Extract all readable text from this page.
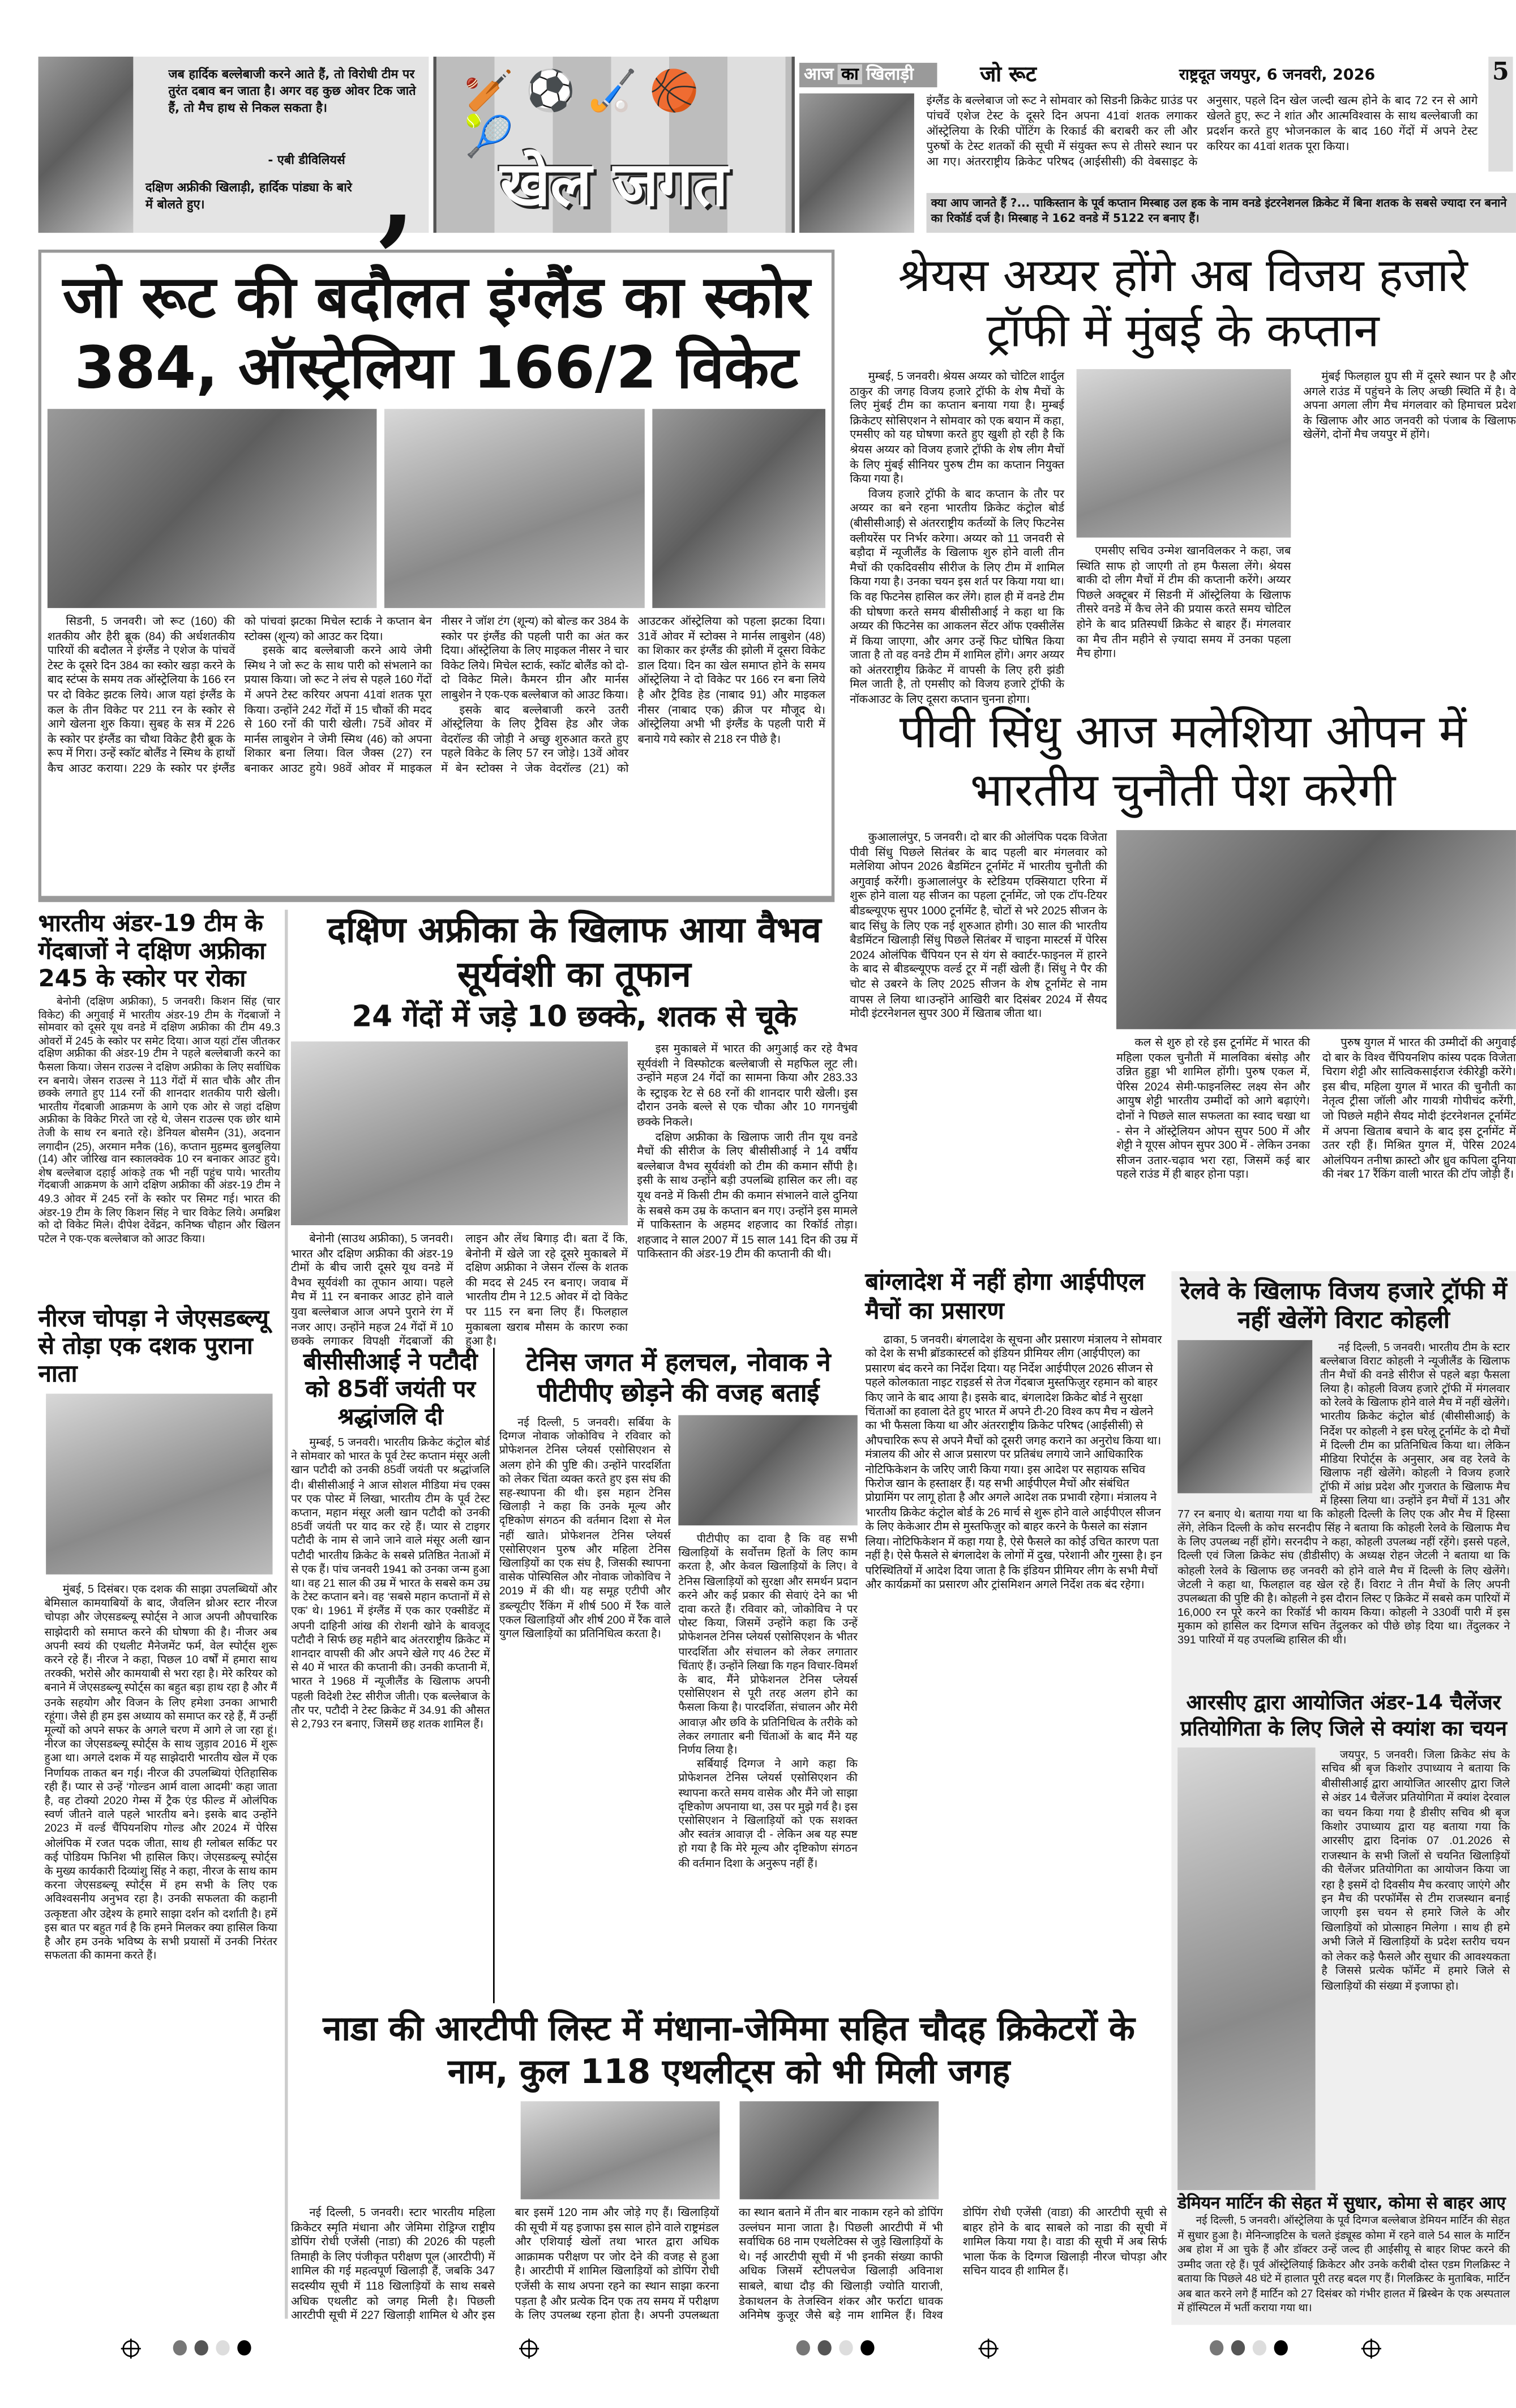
जब हार्दिक बल्लेबाजी करने आते हैं, तो विरोधी टीम पर तुरंत दबाव बन जाता है। अगर वह कुछ ओवर टिक जाते हैं, तो मैच हाथ से निकल सकता है।
- एबी डीविलियर्स
दक्षिण अफ्रीकी खिलाड़ी, हार्दिक पांड्या के बारे में बोलते हुए।	,
🏏⚽🏑🏀🎾
खेल जगत
आज का खिलाड़ी	जो रूट	राष्ट्रदूत जयपुर, 6 जनवरी, 2026	5
इंग्लैंड के बल्लेबाज जो रूट ने सोमवार को सिडनी क्रिकेट ग्राउंड पर पांचवें एशेज टेस्ट के दूसरे दिन अपना 41वां शतक लगाकर ऑस्ट्रेलिया के रिकी पोंटिंग के रिकार्ड की बराबरी कर ली और पुरुषों के टेस्ट शतकों की सूची में संयुक्त रूप से तीसरे स्थान पर आ गए। अंतरराष्ट्रीय क्रिकेट परिषद (आईसीसी) की वेबसाइट के अनुसार, पहले दिन खेल जल्दी खत्म होने के बाद 72 रन से आगे खेलते हुए, रूट ने शांत और आत्मविश्वास के साथ बल्लेबाजी का प्रदर्शन करते हुए भोजनकाल के बाद 160 गेंदों में अपने टेस्ट करियर का 41वां शतक पूरा किया।
क्या आप जानते हैं ?... पाकिस्तान के पूर्व कप्तान मिस्बाह उल हक के नाम वनडे इंटरनेशनल क्रिकेट में बिना शतक के सबसे ज्यादा रन बनाने का रिकॉर्ड दर्ज है। मिस्बाह ने 162 वनडे में 5122 रन बनाए हैं।
जो रूट की बदौलत इंग्लैंड का स्कोर 384, ऑस्ट्रेलिया 166/2 विकेट

सिडनी, 5 जनवरी। जो रूट (160) की शतकीय और हैरी ब्रूक (84) की अर्धशतकीय पारियों की बदौलत ने इंग्लैंड ने एशेज के पांचवें टेस्ट के दूसरे दिन 384 का स्कोर खड़ा करने के बाद स्टंप्स के समय तक ऑस्ट्रेलिया के 166 रन पर दो विकेट झटक लिये। आज यहां इंग्लैंड के कल के तीन विकेट पर 211 रन के स्कोर से आगे खेलना शुरु किया। सुबह के सत्र में 226 के स्कोर पर इंग्लैंड का चौथा विकेट हैरी ब्रूक के रूप में गिरा। उन्हें स्कॉट बोलैंड ने स्मिथ के हाथों कैच आउट कराया। 229 के स्कोर पर इंग्लैंड को पांचवां झटका मिचेल स्टार्क ने कप्तान बेन स्टोक्स (शून्य) को आउट कर दिया।

इसके बाद बल्लेबाजी करने आये जेमी स्मिथ ने जो रूट के साथ पारी को संभलाने का प्रयास किया। जो रूट ने लंच से पहले 160 गेंदों में अपने टेस्ट करियर अपना 41वां शतक पूरा किया। उन्होंने 242 गेंदों में 15 चौकों की मदद से 160 रनों की पारी खेली। 75वें ओवर में मार्नस लाबुशेन ने जेमी स्मिथ (46) को अपना शिकार बना लिया। विल जैक्स (27) रन बनाकर आउट हुये। 98वें ओवर में माइकल नीसर ने जॉश टंग (शून्य) को बोल्ड कर 384 के स्कोर पर इंग्लैंड की पहली पारी का अंत कर दिया। ऑस्ट्रेलिया के लिए माइकल नीसर ने चार विकेट लिये। मिचेल स्टार्क, स्कॉट बोलैंड को दो-दो विकेट मिले। कैमरन ग्रीन और मार्नस लाबुशेन ने एक-एक बल्लेबाज को आउट किया।

इसके बाद बल्लेबाजी करने उतरी ऑस्ट्रेलिया के लिए ट्रैविस हेड और जेक वेदरॉल्ड की जोड़ी ने अच्छु शुरुआत करते हुए पहले विकेट के लिए 57 रन जोड़े। 13वें ओवर में बेन स्टोक्स ने जेक वेदरॉल्ड (21) को आउटकर ऑस्ट्रेलिया को पहला झटका दिया। 31वें ओवर में स्टोक्स ने मार्नस लाबुशेन (48) का शिकार कर इंग्लैंड की झोली में दूसरा विकेट डाल दिया। दिन का खेल समाप्त होने के समय ऑस्ट्रेलिया ने दो विकेट पर 166 रन बना लिये है और ट्रैविड हेड (नाबाद 91) और माइकल नीसर (नाबाद एक) क्रीज पर मौजूद थे। ऑस्ट्रेलिया अभी भी इंग्लैंड के पहली पारी में बनाये गये स्कोर से 218 रन पीछे है।

श्रेयस अय्यर होंगे अब विजय हजारे ट्रॉफी में मुंबई के कप्तान

मुम्बई, 5 जनवरी। श्रेयस अय्यर को चोटिल शार्दुल ठाकुर की जगह विजय हजारे ट्रॉफी के शेष मैचों के लिए मुंबई टीम का कप्तान बनाया गया है। मुम्बई क्रिकेटए सोसिएशन ने सोमवार को एक बयान में कहा, एमसीए को यह घोषणा करते हुए खुशी हो रही है कि श्रेयस अय्यर को विजय हजारे ट्रॉफी के शेष लीग मैचों के लिए मुंबई सीनियर पुरुष टीम का कप्तान नियुक्त किया गया है।

विजय हजारे ट्रॉफी के बाद कप्तान के तौर पर अय्यर का बने रहना भारतीय क्रिकेट कंट्रोल बोर्ड (बीसीसीआई) से अंतरराष्ट्रीय कर्तव्यों के लिए फिटनेस क्लीयरेंस पर निर्भर करेगा। अय्यर को 11 जनवरी से बड़ौदा में न्यूजीलैंड के खिलाफ शुरु होने वाली तीन मैचों की एकदिवसीय सीरीज के लिए टीम में शामिल किया गया है। उनका चयन इस शर्त पर किया गया था। कि वह फिटनेस हासिल कर लेंगे। हाल ही में वनडे टीम की घोषणा करते समय बीसीसीआई ने कहा था कि अय्यर की फिटनेस का आकलन सेंटर ऑफ एक्सीलेंस में किया जाएगा, और अगर उन्हें फिट घोषित किया जाता है तो वह वनडे टीम में शामिल होंगे। अगर अय्यर को अंतरराष्ट्रीय क्रिकेट में वापसी के लिए हरी झंडी मिल जाती है, तो एमसीए को विजय हजारे ट्रॉफी के नॉकआउट के लिए दूसरा कप्तान चुनना होगा।

एमसीए सचिव उन्मेश खानविलकर ने कहा, जब स्थिति साफ हो जाएगी तो हम फैसला लेंगे। श्रेयस बाकी दो लीग मैचों में टीम की कप्तानी करेंगे। अय्यर पिछले अक्टूबर में सिडनी में ऑस्ट्रेलिया के खिलाफ तीसरे वनडे में कैच लेने की प्रयास करते समय चोटिल होने के बाद प्रतिस्पर्धी क्रिकेट से बाहर हैं। मंगलवार का मैच तीन महीने से ज़्यादा समय में उनका पहला मैच होगा।

मुंबई फिलहाल ग्रुप सी में दूसरे स्थान पर है और अगले राउंड में पहुंचने के लिए अच्छी स्थिति में है। वे अपना अगला लीग मैच मंगलवार को हिमाचल प्रदेश के खिलाफ और आठ जनवरी को पंजाब के खिलाफ खेलेंगे, दोनों मैच जयपुर में होंगे।

पीवी सिंधु आज मलेशिया ओपन में भारतीय चुनौती पेश करेगी

कुआलालंपुर, 5 जनवरी। दो बार की ओलंपिक पदक विजेता पीवी सिंधु पिछले सितंबर के बाद पहली बार मंगलवार को मलेशिया ओपन 2026 बैडमिंटन टूर्नामेंट में भारतीय चुनौती की अगुवाई करेंगी। कुआलालंपुर के स्टेडियम एक्सियाटा एरिना में शुरू होने वाला यह सीजन का पहला टूर्नामेंट, जो एक टॉप-टियर बीडब्ल्यूएफ सुपर 1000 टूर्नामेंट है, चोटों से भरे 2025 सीजन के बाद सिंधु के लिए एक नई शुरुआत होगी। 30 साल की भारतीय बैडमिंटन खिलाड़ी सिंधु पिछले सितंबर में चाइना मास्टर्स में पेरिस 2024 ओलंपिक चैंपियन एन से यंग से क्वार्टर-फाइनल में हारने के बाद से बीडब्ल्यूएफ वर्ल्ड टूर में नहीं खेली हैं। सिंधु ने पैर की चोट से उबरने के लिए 2025 सीजन के शेष टूर्नामेंट से नाम वापस ले लिया था।उन्होंने आखिरी बार दिसंबर 2024 में सैयद मोदी इंटरनेशनल सुपर 300 में खिताब जीता था।

कल से शुरु हो रहे इस टूर्नामेंट में भारत की महिला एकल चुनौती में मालविका बंसोड़ और उन्नित हुड्डा भी शामिल होंगी। पुरुष एकल में, पेरिस 2024 सेमी-फाइनलिस्ट लक्ष्य सेन और आयुष शेट्टी भारतीय उम्मीदों को आगे बढ़ाएंगे। दोनों ने पिछले साल सफलता का स्वाद चखा था - सेन ने ऑस्ट्रेलियन ओपन सुपर 500 में और शेट्टी ने यूएस ओपन सुपर 300 में - लेकिन उनका सीजन उतार-चढ़ाव भरा रहा, जिसमें कई बार पहले राउंड में ही बाहर होना पड़ा।

पुरुष युगल में भारत की उम्मीदों की अगुवाई दो बार के विश्व चैंपियनशिप कांस्य पदक विजेता चिराग शेट्टी और सात्विकसाईराज रंकीरेड्डी करेंगे। इस बीच, महिला युगल में भारत की चुनौती का नेतृत्व ट्रीसा जॉली और गायत्री गोपीचंद करेंगी, जो पिछले महीने सैयद मोदी इंटरनेशनल टूर्नामेंट में अपना खिताब बचाने के बाद इस टूर्नामेंट में उतर रही हैं। मिश्रित युगल में, पेरिस 2024 ओलंपियन तनीषा क्रास्टो और ध्रुव कपिला दुनिया की नंबर 17 रैंकिंग वाली भारत की टॉप जोड़ी हैं।

भारतीय अंडर-19 टीम के गेंदबाजों ने दक्षिण अफ्रीका 245 के स्कोर पर रोका

बेनोनी (दक्षिण अफ्रीका), 5 जनवरी। किशन सिंह (चार विकेट) की अगुवाई में भारतीय अंडर-19 टीम के गेंदबाजों ने सोमवार को दूसरे यूथ वनडे में दक्षिण अफ्रीका की टीम 49.3 ओवरों में 245 के स्कोर पर समेट दिया। आज यहां टॉस जीतकर दक्षिण अफ्रीका की अंडर-19 टीम ने पहले बल्लेबाजी करने का फैसला किया। जेसन राउल्स ने दक्षिण अफ्रीका के लिए सर्वाधिक रन बनाये। जेसन राउल्स ने 113 गेंदों में सात चौके और तीन छक्के लगाते हुए 114 रनों की शानदार शतकीय पारी खेली। भारतीय गेंदबाजी आक्रमण के आगे एक ओर से जहां दक्षिण अफ्रीका के विकेट गिरते जा रहे थे, जेसन राउल्स एक छोर थामे तेजी के साथ रन बनाते रहे। डेनियल बोसमैन (31), अदनान लगादीन (25), अरमान मनैक (16), कप्तान मुहम्मद बुलबुलिया (14) और जोरिख वान स्कालक्वेक 10 रन बनाकर आउट हुये। शेष बल्लेबाज दहाई आंकड़े तक भी नहीं पहुंच पाये। भारतीय गेंदबाजी आक्रमण के आगे दक्षिण अफ्रीका की अंडर-19 टीम ने 49.3 ओवर में 245 रनों के स्कोर पर सिमट गई। भारत की अंडर-19 टीम के लिए किशन सिंह ने चार विकेट लिये। अमब्रिश को दो विकेट मिले। दीपेश देवेंद्रन, कनिष्क चौहान और खिलन पटेल ने एक-एक बल्लेबाज को आउट किया।

नीरज चोपड़ा ने जेएसडब्ल्यू से तोड़ा एक दशक पुराना नाता

मुंबई, 5 दिसंबर। एक दशक की साझा उपलब्धियों और बेमिसाल कामयाबियों के बाद, जैवलिन थ्रोअर स्टार नीरज चोपड़ा और जेएसडब्ल्यू स्पोर्ट्स ने आज अपनी औपचारिक साझेदारी को समाप्त करने की घोषणा की है। नीजर अब अपनी स्वयं की एथलीट मैनेजमेंट फर्म, वेल स्पोर्ट्स शुरू करने रहे हैं। नीरज ने कहा, पिछल 10 वर्षों में हमारा साथ तरक्की, भरोसे और कामयाबी से भरा रहा है। मेरे करियर को बनाने में जेएसडब्ल्यू स्पोर्ट्स का बहुत बड़ा हाथ रहा है और मैं उनके सहयोग और विजन के लिए हमेशा उनका आभारी रहूंगा। जैसे ही हम इस अध्याय को समाप्त कर रहे हैं, मैं उन्हीं मूल्यों को अपने सफर के अगले चरण में आगे ले जा रहा हूं। नीरज का जेएसडब्ल्यू स्पोर्ट्स के साथ जुड़ाव 2016 में शुरू हुआ था। अगले दशक में यह साझेदारी भारतीय खेल में एक निर्णायक ताकत बन गई। नीरज की उपलब्धियां ऐतिहासिक रही हैं। प्यार से उन्हें ‘गोल्डन आर्म वाला आदमी’ कहा जाता है, वह टोक्यो 2020 गेम्स में ट्रैक एंड फील्ड में ओलंपिक स्वर्ण जीतने वाले पहले भारतीय बने। इसके बाद उन्होंने 2023 में वर्ल्ड चैंपियनशिप गोल्ड और 2024 में पेरिस ओलंपिक में रजत पदक जीता, साथ ही ग्लोबल सर्किट पर कई पोडियम फिनिश भी हासिल किए। जेएसडब्ल्यू स्पोर्ट्स के मुख्य कार्यकारी दिव्यांशु सिंह ने कहा, नीरज के साथ काम करना जेएसडब्ल्यू स्पोर्ट्स में हम सभी के लिए एक अविश्वसनीय अनुभव रहा है। उनकी सफलता की कहानी उत्कृष्टता और उद्देश्य के हमारे साझा दर्शन को दर्शाती है। हमें इस बात पर बहुत गर्व है कि हमने मिलकर क्या हासिल किया है और हम उनके भविष्य के सभी प्रयासों में उनकी निरंतर सफलता की कामना करते हैं।

दक्षिण अफ्रीका के खिलाफ आया वैभव सूर्यवंशी का तूफान
24 गेंदों में जड़े 10 छक्के, शतक से चूके

बेनोनी (साउथ अफ्रीका), 5 जनवरी। भारत और दक्षिण अफ्रीका की अंडर-19 टीमों के बीच जारी दूसरे यूथ वनडे में वैभव सूर्यवंशी का तूफान आया। पहले मैच में 11 रन बनाकर आउट होने वाले युवा बल्लेबाज आज अपने पुराने रंग में नजर आए। उन्होंने महज 24 गेंदों में 10 छक्के लगाकर विपक्षी गेंदबाजों की लाइन और लेंथ बिगाड़ दी। बता दें कि, बेनोनी में खेले जा रहे दूसरे मुकाबले में दक्षिण अफ्रीका ने जेसन रॉल्स के शतक की मदद से 245 रन बनाए। जवाब में भारतीय टीम ने 12.5 ओवर में दो विकेट पर 115 रन बना लिए हैं। फिलहाल मुकाबला खराब मौसम के कारण रुका हुआ है।

इस मुकाबले में भारत की अगुआई कर रहे वैभव सूर्यवंशी ने विस्फोटक बल्लेबाजी से महफिल लूट ली। उन्होंने महज 24 गेंदों का सामना किया और 283.33 के स्ट्राइक रेट से 68 रनों की शानदार पारी खेली। इस दौरान उनके बल्ले से एक चौका और 10 गगनचुंबी छक्के निकले।

दक्षिण अफ्रीका के खिलाफ जारी तीन यूथ वनडे मैचों की सीरीज के लिए बीसीसीआई ने 14 वर्षीय बल्लेबाज वैभव सूर्यवंशी को टीम की कमान सौंपी है। इसी के साथ उन्होंने बड़ी उपलब्धि हासिल कर ली। वह यूथ वनडे में किसी टीम की कमान संभालने वाले दुनिया के सबसे कम उम्र के कप्तान बन गए। उन्होंने इस मामले में पाकिस्तान के अहमद शहजाद का रिकॉर्ड तोड़ा। शहजाद ने साल 2007 में 15 साल 141 दिन की उम्र में पाकिस्तान की अंडर-19 टीम की कप्तानी की थी।

बीसीसीआई ने पटौदी को 85वीं जयंती पर श्रद्धांजलि दी

मुम्बई, 5 जनवरी। भारतीय क्रिकेट कंट्रोल बोर्ड ने सोमवार को भारत के पूर्व टेस्ट कप्तान मंसूर अली खान पटौदी को उनकी 85वीं जयंती पर श्रद्धांजलि दी। बीसीसीआई ने आज सोशल मीडिया मंच एक्स पर एक पोस्ट में लिखा, भारतीय टीम के पूर्व टेस्ट कप्तान, महान मंसूर अली खान पटौदी को उनकी 85वीं जयंती पर याद कर रहे हैं। प्यार से टाइगर पटौदी के नाम से जाने जाने वाले मंसूर अली खान पटौदी भारतीय क्रिकेट के सबसे प्रतिष्ठित नेताओं में से एक हैं। पांच जनवरी 1941 को उनका जन्म हुआ था। वह 21 साल की उम्र में भारत के सबसे कम उम्र के टेस्ट कप्तान बने। वह ‘सबसे महान कप्तानों में से एक’ थे। 1961 में इंग्लैंड में एक कार एक्सीडेंट में अपनी दाहिनी आंख की रोशनी खोने के बावजूद पटौदी ने सिर्फ छह महीने बाद अंतरराष्ट्रीय क्रिकेट में शानदार वापसी की और अपने खेले गए 46 टेस्ट में से 40 में भारत की कप्तानी की। उनकी कप्तानी में, भारत ने 1968 में न्यूजीलैंड के खिलाफ अपनी पहली विदेशी टेस्ट सीरीज जीती। एक बल्लेबाज के तौर पर, पटौदी ने टेस्ट क्रिकेट में 34.91 की औसत से 2,793 रन बनाए, जिसमें छह शतक शामिल हैं।

टेनिस जगत में हलचल, नोवाक ने पीटीपीए छोड़ने की वजह बताई

नई दिल्ली, 5 जनवरी। सर्बिया के दिग्गज नोवाक जोकोविच ने रविवार को प्रोफेशनल टेनिस प्लेयर्स एसोसिएशन से अलग होने की पुष्टि की। उन्होंने पारदर्शिता को लेकर चिंता व्यक्त करते हुए इस संघ की सह-स्थापना की थी। इस महान टेनिस खिलाड़ी ने कहा कि उनके मूल्य और दृष्टिकोण संगठन की वर्तमान दिशा से मेल नहीं खाते। प्रोफेशनल टेनिस प्लेयर्स एसोसिएशन पुरुष और महिला टेनिस खिलाड़ियों का एक संघ है, जिसकी स्थापना वासेक पोस्पिसिल और नोवाक जोकोविच ने 2019 में की थी। यह समूह एटीपी और डब्ल्यूटीए रैंकिंग में शीर्ष 500 में रैंक वाले एकल खिलाड़ियों और शीर्ष 200 में रैंक वाले युगल खिलाड़ियों का प्रतिनिधित्व करता है।

पीटीपीए का दावा है कि वह सभी खिलाड़ियों के सर्वोत्तम हितों के लिए काम करता है, और केवल खिलाड़ियों के लिए। वे टेनिस खिलाड़ियों को सुरक्षा और समर्थन प्रदान करने और कई प्रकार की सेवाएं देने का भी दावा करते हैं। रविवार को, जोकोविच ने पर पोस्ट किया, जिसमें उन्होंने कहा कि उन्हें प्रोफेशनल टेनिस प्लेयर्स एसोसिएशन के भीतर पारदर्शिता और संचालन को लेकर लगातार चिंताएं हैं। उन्होंने लिखा कि गहन विचार-विमर्श के बाद, मैंने प्रोफेशनल टेनिस प्लेयर्स एसोसिएशन से पूरी तरह अलग होने का फैसला किया है। पारदर्शिता, संचालन और मेरी आवाज़ और छवि के प्रतिनिधित्व के तरीके को लेकर लगातार बनी चिंताओं के बाद मैंने यह निर्णय लिया है।

सर्बियाई दिग्गज ने आगे कहा कि प्रोफेशनल टेनिस प्लेयर्स एसोसिएशन की स्थापना करते समय वासेक और मैंने जो साझा दृष्टिकोण अपनाया था, उस पर मुझे गर्व है। इस एसोसिएशन ने खिलाड़ियों को एक सशक्त और स्वतंत्र आवाज़ दी - लेकिन अब यह स्पष्ट हो गया है कि मेरे मूल्य और दृष्टिकोण संगठन की वर्तमान दिशा के अनुरूप नहीं हैं।

बांग्लादेश में नहीं होगा आईपीएल मैचों का प्रसारण

ढाका, 5 जनवरी। बंगलादेश के सूचना और प्रसारण मंत्रालय ने सोमवार को देश के सभी ब्रॉडकास्टर्स को इंडियन प्रीमियर लीग (आईपीएल) का प्रसारण बंद करने का निर्देश दिया। यह निर्देश आईपीएल 2026 सीजन से पहले कोलकाता नाइट राइडर्स से तेज गेंदबाज मुस्तफिज़ुर रहमान को बाहर किए जाने के बाद आया है। इसके बाद, बंगलादेश क्रिकेट बोर्ड ने सुरक्षा चिंताओं का हवाला देते हुए भारत में अपने टी-20 विश्व कप मैच न खेलने का भी फैसला किया था और अंतरराष्ट्रीय क्रिकेट परिषद (आईसीसी) से औपचारिक रूप से अपने मैचों को दूसरी जगह कराने का अनुरोध किया था। मंत्रालय की ओर से आज प्रसारण पर प्रतिबंध लगाये जाने आधिकारिक नोटिफिकेशन के जरिए जारी किया गया। इस आदेश पर सहायक सचिव फिरोज खान के हस्ताक्षर हैं। यह सभी आईपीएल मैचों और संबंधित प्रोग्रामिंग पर लागू होता है और अगले आदेश तक प्रभावी रहेगा। मंत्रालय ने भारतीय क्रिकेट कंट्रोल बोर्ड के 26 मार्च से शुरू होने वाले आईपीएल सीजन के लिए केकेआर टीम से मुस्तफिज़ुर को बाहर करने के फैसले का संज्ञान लिया। नोटिफिकेशन में कहा गया है, ऐसे फैसले का कोई उचित कारण पता नहीं है। ऐसे फैसले से बंगलादेश के लोगों में दुख, परेशानी और गुस्सा है। इन परिस्थितियों में आदेश दिया जाता है कि इंडियन प्रीमियर लीग के सभी मैचों और कार्यक्रमों का प्रसारण और ट्रांसमिशन अगले निर्देश तक बंद रहेगा।

नाडा की आरटीपी लिस्ट में मंधाना-जेमिमा सहित चौदह क्रिकेटरों के नाम, कुल 118 एथलीट्स को भी मिली जगह

नई दिल्ली, 5 जनवरी। स्टार भारतीय महिला क्रिकेटर स्मृति मंधाना और जेमिमा रोड्रिग्ज राष्ट्रीय डोपिंग रोधी एजेंसी (नाडा) की 2026 की पहली तिमाही के लिए पंजीकृत परीक्षण पूल (आरटीपी) में शामिल की गई महत्वपूर्ण खिलाड़ी हैं, जबकि 347 सदस्यीय सूची में 118 खिलाड़ियों के साथ सबसे अधिक एथलीट को जगह मिली है। पिछली आरटीपी सूची में 227 खिलाड़ी शामिल थे और इस बार इसमें 120 नाम और जोड़े गए हैं। खिलाड़ियों की सूची में यह इजाफा इस साल होने वाले राष्ट्रमंडल और एशियाई खेलों तथा भारत द्वारा अधिक आक्रामक परीक्षण पर जोर देने की वजह से हुआ है। आरटीपी में शामिल खिलाड़ियों को डोपिंग रोधी एजेंसी के साथ अपना रहने का स्थान साझा करना पड़ता है और प्रत्येक दिन एक तय समय में परीक्षण के लिए उपलब्ध रहना होता है। अपनी उपलब्धता का स्थान बताने में तीन बार नाकाम रहने को डोपिंग उल्लंघन माना जाता है। पिछली आरटीपी में भी सर्वाधिक 68 नाम एथलेटिक्स से जुड़े खिलाड़ियों के थे। नई आरटीपी सूची में भी इनकी संख्या काफी अधिक जिसमें स्टीपलचेज खिलाड़ी अविनाश साबले, बाधा दौड़ की खिलाड़ी ज्योति याराजी, डेकाथलन के तेजस्विन शंकर और फर्राटा धावक अनिमेष कुजूर जैसे बड़े नाम शामिल हैं। विश्व डोपिंग रोधी एजेंसी (वाडा) की आरटीपी सूची से बाहर होने के बाद साबले को नाडा की सूची में शामिल किया गया है। वाडा की सूची में अब सिर्फ भाला फेंक के दिग्गज खिलाड़ी नीरज चोपड़ा और सचिन यादव ही शामिल हैं।

रेलवे के खिलाफ विजय हजारे ट्रॉफी में नहीं खेलेंगे विराट कोहली

नई दिल्ली, 5 जनवरी। भारतीय टीम के स्टार बल्लेबाज विराट कोहली ने न्यूजीलैंड के खिलाफ तीन मैचों की वनडे सीरीज से पहले बड़ा फैसला लिया है। कोहली विजय हजारे ट्रॉफी में मंगलवार को रेलवे के खिलाफ होने वाले मैच में नहीं खेलेंगे। भारतीय क्रिकेट कंट्रोल बोर्ड (बीसीसीआई) के निर्देश पर कोहली ने इस घरेलू टूर्नामेंट के दो मैचों में दिल्ली टीम का प्रतिनिधित्व किया था। लेकिन मीडिया रिपोर्ट्स के अनुसार, अब वह रेलवे के खिलाफ नहीं खेलेंगे। कोहली ने विजय हजारे ट्रॉफी में आंध्र प्रदेश और गुजरात के खिलाफ मैच में हिस्सा लिया था। उन्होंने इन मैचों में 131 और 77 रन बनाए थे। बताया गया था कि कोहली दिल्ली के लिए एक और मैच में हिस्सा लेंगे, लेकिन दिल्ली के कोच सरनदीप सिंह ने बताया कि कोहली रेलवे के खिलाफ मैच के लिए उपलब्ध नहीं होंगे। सरनदीप ने कहा, कोहली उपलब्ध नहीं रहेंगे। इससे पहले, दिल्ली एवं जिला क्रिकेट संघ (डीडीसीए) के अध्यक्ष रोहन जेटली ने बताया था कि कोहली रेलवे के खिलाफ छह जनवरी को होने वाले मैच में दिल्ली के लिए खेलेंगे। जेटली ने कहा था, फिलहाल वह खेल रहे हैं। विराट ने तीन मैचों के लिए अपनी उपलब्धता की पुष्टि की है। कोहली ने इस दौरान लिस्ट ए क्रिकेट में सबसे कम पारियों में 16,000 रन पूरे करने का रिकॉर्ड भी कायम किया। कोहली ने 330वीं पारी में इस मुकाम को हासिल कर दिग्गज सचिन तेंदुलकर को पीछे छोड़ दिया था। तेंदुलकर ने 391 पारियों में यह उपलब्धि हासिल की थी।

आरसीए द्वारा आयोजित अंडर-14 चैलेंजर प्रतियोगिता के लिए जिले से क्यांश का चयन

जयपुर, 5 जनवरी। जिला क्रिकेट संघ के सचिव श्री बृज किशोर उपाध्याय ने बताया कि बीसीसीआई द्वारा आयोजित आरसीए द्वारा जिले से अंडर 14 चैलेंजर प्रतियोगिता में क्यांश देरवाल का चयन किया गया है डीसीए सचिव श्री बृज किशोर उपाध्याय द्वारा यह बताया गया कि आरसीए द्वारा दिनांक 07 .01.2026 से राजस्थान के सभी जिलों से चयनित खिलाड़ियों की चैलेंजर प्रतियोगिता का आयोजन किया जा रहा है इसमें दो दिवसीय मैच करवाए जाएंगे और इन मैच की परफॉर्मेंस से टीम राजस्थान बनाई जाएगी इस चयन से हमारे जिले के और खिलाड़ियों को प्रोत्साहन मिलेगा । साथ ही हमे अभी जिले में खिलाड़ियों के प्रदेश स्तरीय चयन को लेकर कड़े फैसले और सुधार की आवश्यकता है जिससे प्रत्येक फॉर्मेट में हमारे जिले से खिलाड़ियों की संख्या में इजाफा हो।

डेमियन मार्टिन की सेहत में सुधार, कोमा से बाहर आए

नई दिल्ली, 5 जनवरी। ऑस्ट्रेलिया के पूर्व दिग्गज बल्लेबाज डेमियन मार्टिन की सेहत में सुधार हुआ है। मेनिन्जाइटिस के चलते इंड्यूस्ड कोमा में रहने वाले 54 साल के मार्टिन अब होश में आ चुके हैं और डॉक्टर उन्हें जल्द ही आईसीयू से बाहर शिफ्ट करने की उम्मीद जता रहे हैं। पूर्व ऑस्ट्रेलियाई क्रिकेटर और उनके करीबी दोस्त एडम गिलक्रिस्ट ने बताया कि पिछले 48 घंटे में हालात पूरी तरह बदल गए हैं। गिलक्रिस्ट के मुताबिक, मार्टिन अब बात करने लगे हैं मार्टिन को 27 दिसंबर को गंभीर हालत में ब्रिस्बेन के एक अस्पताल में हॉस्पिटल में भर्ती कराया गया था।
